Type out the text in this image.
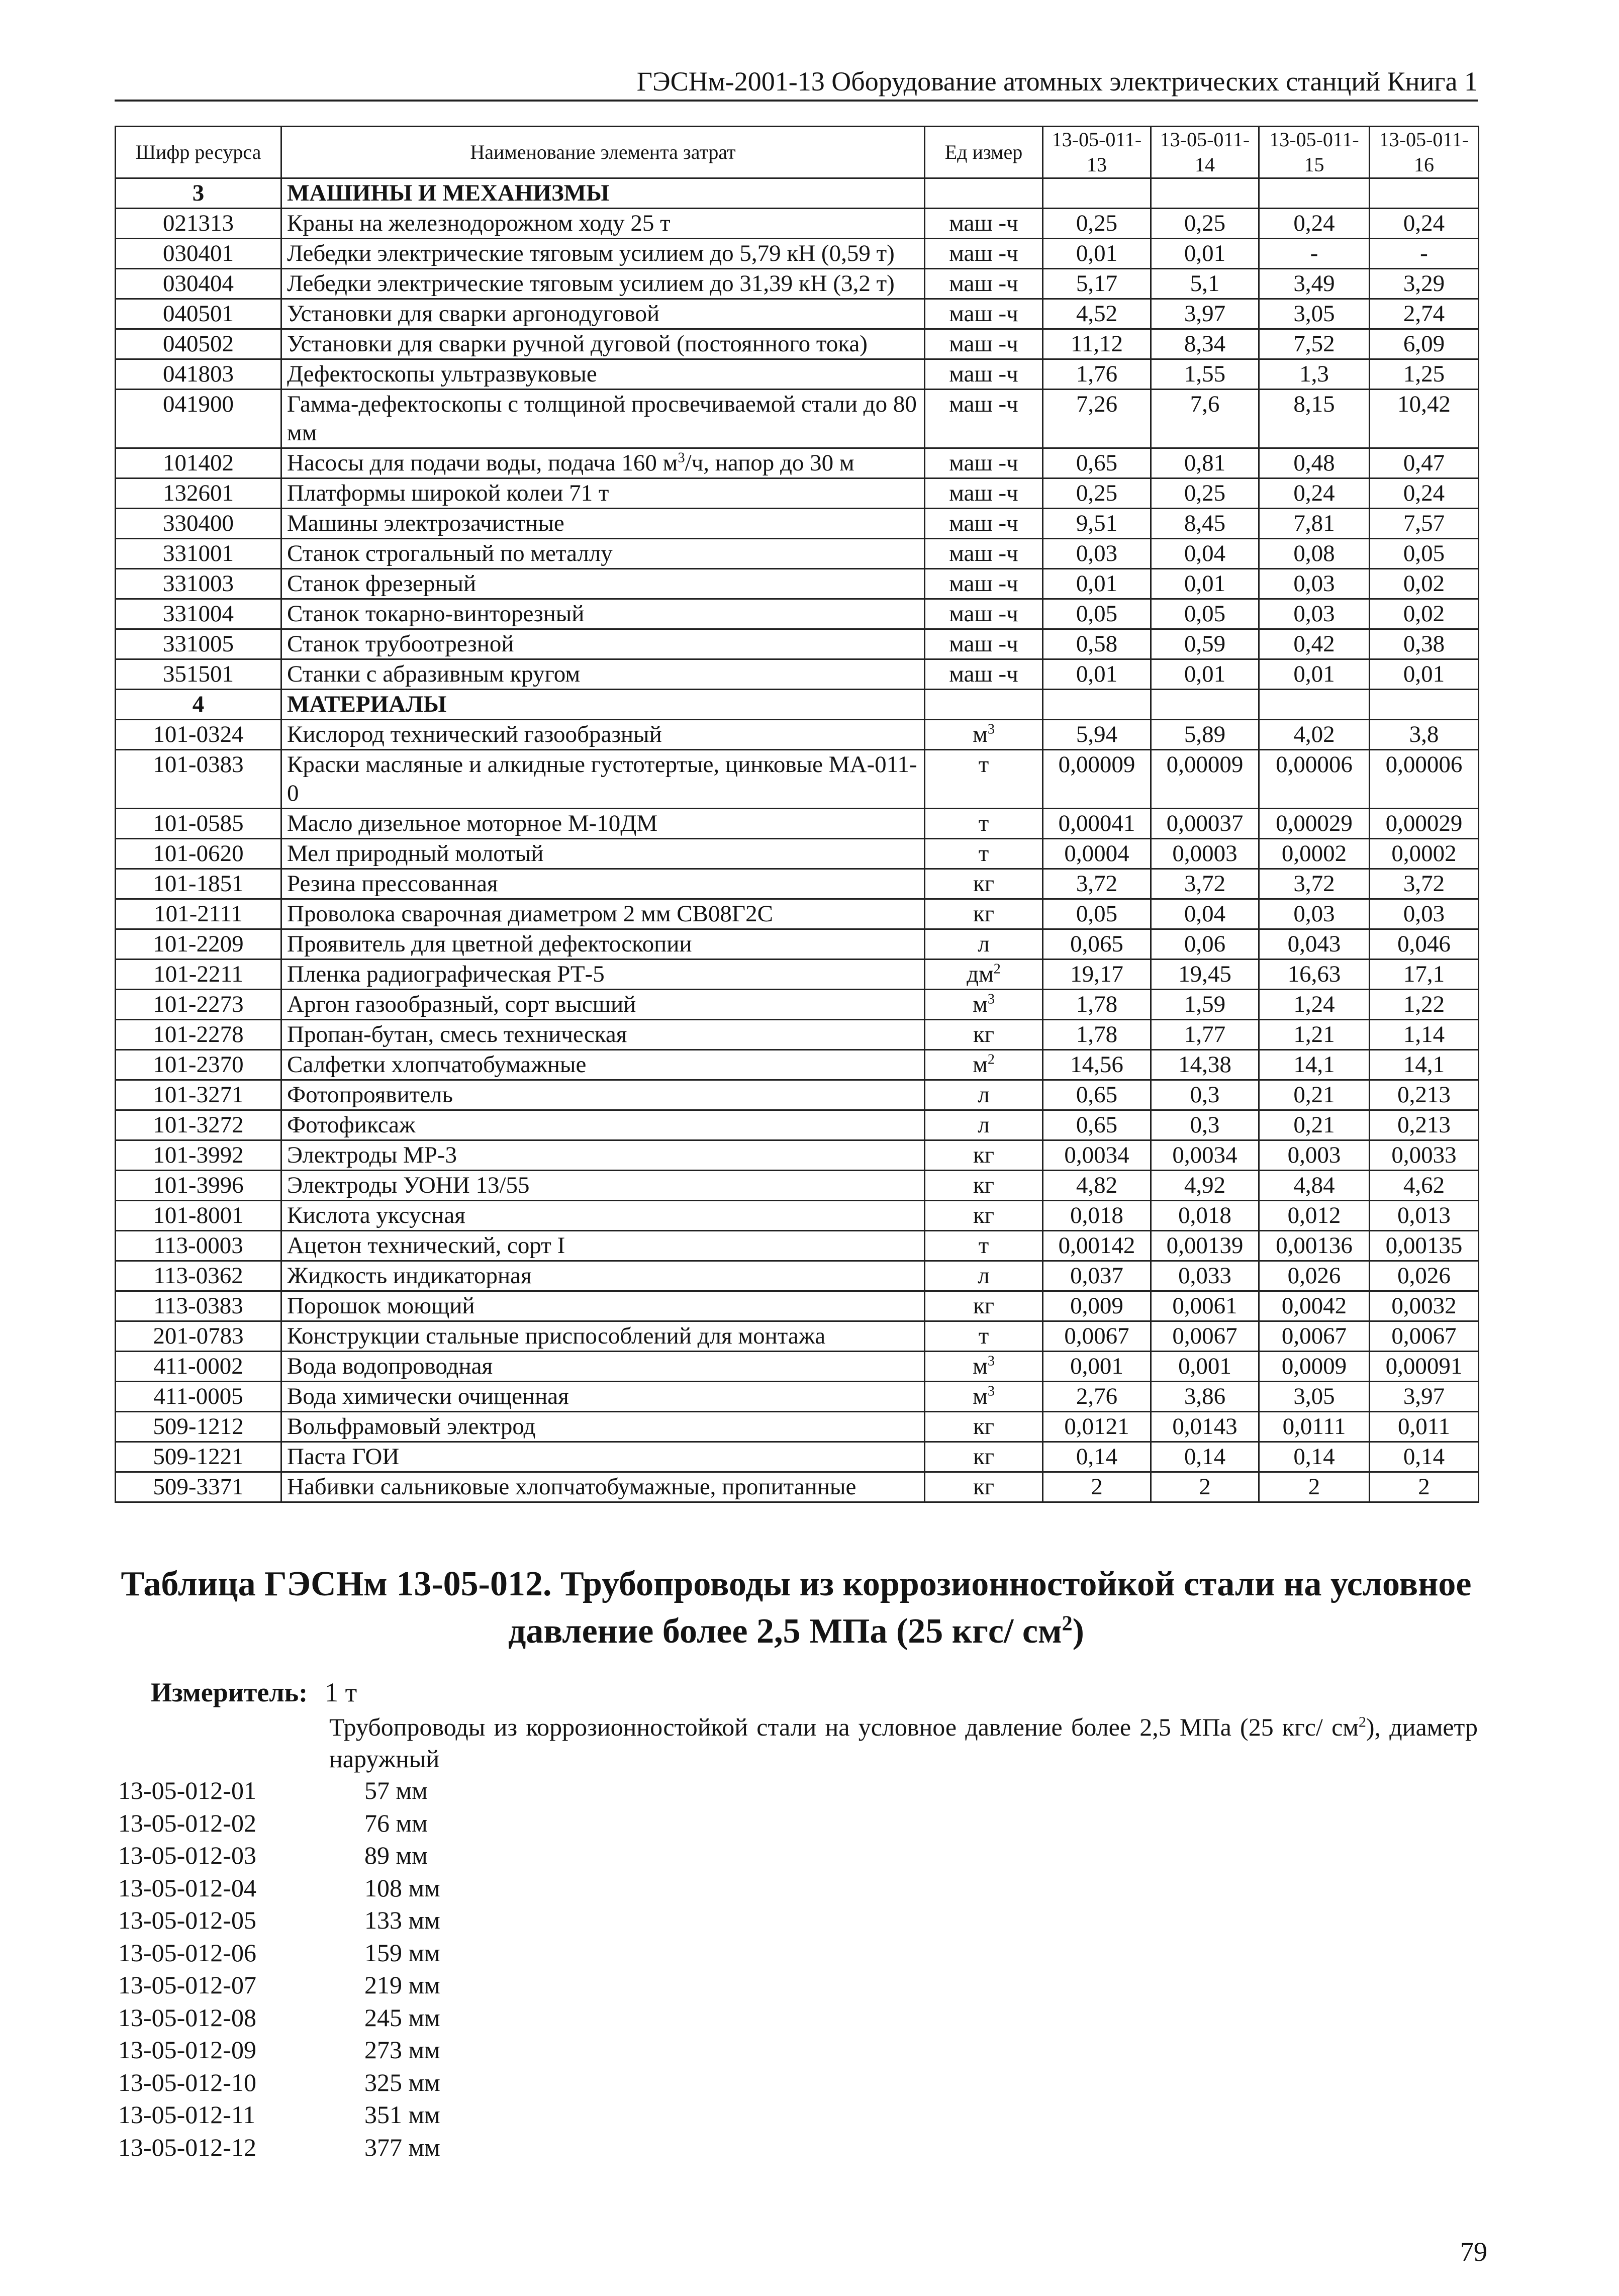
ГЭСНм-2001-13 Оборудование атомных электрических станций Книга 1
Шифр ресурса	Наименование элемента затрат	Ед измер	13-05-011-13	13-05-011-14	13-05-011-15	13-05-011-16
3	МАШИНЫ И МЕХАНИЗМЫ					
021313	Краны на железнодорожном ходу 25 т	маш -ч	0,25	0,25	0,24	0,24
030401	Лебедки электрические тяговым усилием до 5,79 кН (0,59 т)	маш -ч	0,01	0,01	-	-
030404	Лебедки электрические тяговым усилием до 31,39 кН (3,2 т)	маш -ч	5,17	5,1	3,49	3,29
040501	Установки для сварки аргонодуговой	маш -ч	4,52	3,97	3,05	2,74
040502	Установки для сварки ручной дуговой (постоянного тока)	маш -ч	11,12	8,34	7,52	6,09
041803	Дефектоскопы ультразвуковые	маш -ч	1,76	1,55	1,3	1,25
041900	Гамма-дефектоскопы с толщиной просвечиваемой стали до 80 мм	маш -ч	7,26	7,6	8,15	10,42
101402	Насосы для подачи воды, подача 160 $м^3/ч$, напор до 30 м	маш -ч	0,65	0,81	0,48	0,47
132601	Платформы широкой колеи 71 т	маш -ч	0,25	0,25	0,24	0,24
330400	Машины электрозачистные	маш -ч	9,51	8,45	7,81	7,57
331001	Станок строгальный по металлу	маш -ч	0,03	0,04	0,08	0,05
331003	Станок фрезерный	маш -ч	0,01	0,01	0,03	0,02
331004	Станок токарно-винторезный	маш -ч	0,05	0,05	0,03	0,02
331005	Станок трубоотрезной	маш -ч	0,58	0,59	0,42	0,38
351501	Станки с абразивным кругом	маш -ч	0,01	0,01	0,01	0,01
4	МАТЕРИАЛЫ					
101-0324	Кислород технический газообразный	$м^3$	5,94	5,89	4,02	3,8
101-0383	Краски масляные и алкидные густотертые, цинковые МА-011-0	т	0,00009	0,00009	0,00006	0,00006
101-0585	Масло дизельное моторное М-10ДМ	т	0,00041	0,00037	0,00029	0,00029
101-0620	Мел природный молотый	т	0,0004	0,0003	0,0002	0,0002
101-1851	Резина прессованная	кг	3,72	3,72	3,72	3,72
101-2111	Проволока сварочная диаметром 2 мм СВ08Г2С	кг	0,05	0,04	0,03	0,03
101-2209	Проявитель для цветной дефектоскопии	л	0,065	0,06	0,043	0,046
101-2211	Пленка радиографическая РТ-5	$дм^2$	19,17	19,45	16,63	17,1
101-2273	Аргон газообразный, сорт высший	$м^3$	1,78	1,59	1,24	1,22
101-2278	Пропан-бутан, смесь техническая	кг	1,78	1,77	1,21	1,14
101-2370	Салфетки хлопчатобумажные	$м^2$	14,56	14,38	14,1	14,1
101-3271	Фотопроявитель	л	0,65	0,3	0,21	0,213
101-3272	Фотофиксаж	л	0,65	0,3	0,21	0,213
101-3992	Электроды МР-3	кг	0,0034	0,0034	0,003	0,0033
101-3996	Электроды УОНИ 13/55	кг	4,82	4,92	4,84	4,62
101-8001	Кислота уксусная	кг	0,018	0,018	0,012	0,013
113-0003	Ацетон технический, сорт I	т	0,00142	0,00139	0,00136	0,00135
113-0362	Жидкость индикаторная	л	0,037	0,033	0,026	0,026
113-0383	Порошок моющий	кг	0,009	0,0061	0,0042	0,0032
201-0783	Конструкции стальные приспособлений для монтажа	т	0,0067	0,0067	0,0067	0,0067
411-0002	Вода водопроводная	$м^3$	0,001	0,001	0,0009	0,00091
411-0005	Вода химически очищенная	$м^3$	2,76	3,86	3,05	3,97
509-1212	Вольфрамовый электрод	кг	0,0121	0,0143	0,0111	0,011
509-1221	Паста ГОИ	кг	0,14	0,14	0,14	0,14
509-3371	Набивки сальниковые хлопчатобумажные, пропитанные	кг	2	2	2	2
Таблица ГЭСНм 13-05-012. Трубопроводы из коррозионностойкой стали на условное
давление более 2,5 МПа (25 кгс/ $см^2$)
Измеритель: 1 т
Трубопроводы из коррозионностойкой стали на условное давление более 2,5 МПа (25 кгс/ $см^2$), диаметр наружный
13-05-012-01	57 мм
13-05-012-02	76 мм
13-05-012-03	89 мм
13-05-012-04	108 мм
13-05-012-05	133 мм
13-05-012-06	159 мм
13-05-012-07	219 мм
13-05-012-08	245 мм
13-05-012-09	273 мм
13-05-012-10	325 мм
13-05-012-11	351 мм
13-05-012-12	377 мм
79
